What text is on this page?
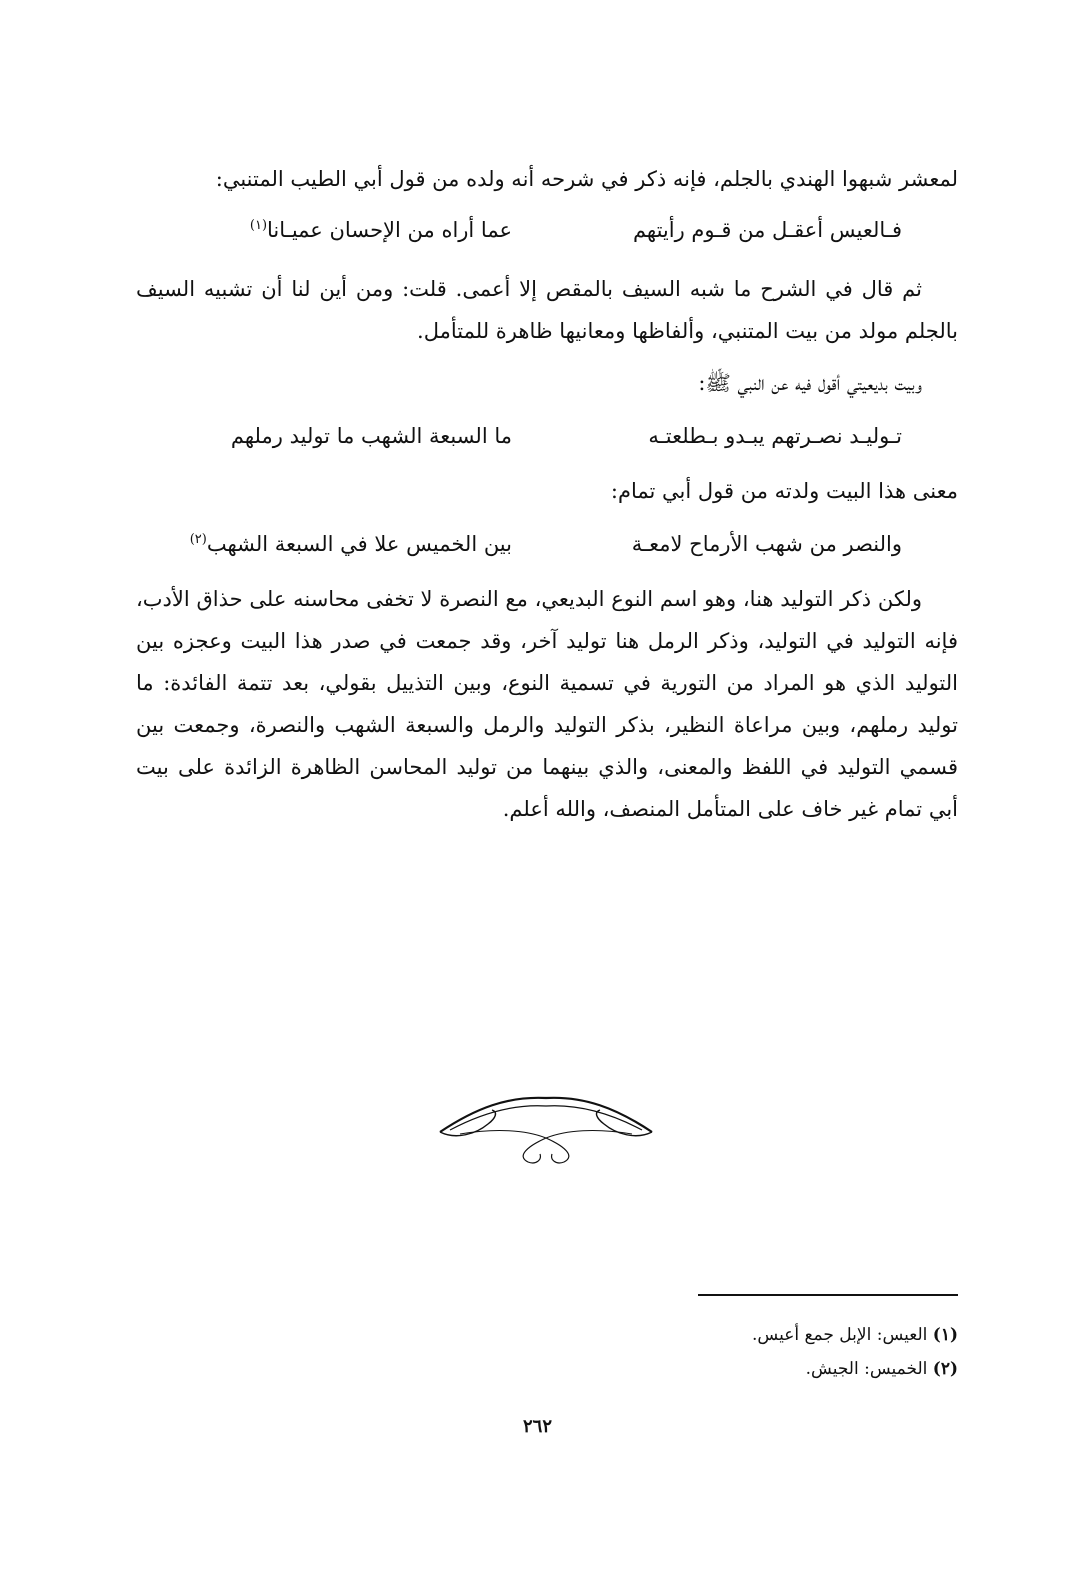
لمعشر شبهوا الهندي بالجلم، فإنه ذكر في شرحه أنه ولده من قول أبي الطيب المتنبي:

فـالعيس أعقـل من قـوم رأيتهم
عما أراه من الإحسان عميـانا$^{(١)}$

ثم قال في الشرح ما شبه السيف بالمقص إلا أعمى. قلت: ومن أين لنا أن تشبيه السيف بالجلم مولد من بيت المتنبي، وألفاظها ومعانيها ظاهرة للمتأمل.

وبيت بديعيتي أقول فيه عن النبي ﷺ:

تـوليـد نصـرتهم يبـدو بـطلعتـه
ما السبعة الشهب ما توليد رملهم

معنى هذا البيت ولدته من قول أبي تمام:

والنصر من شهب الأرماح لامعـة
بين الخميس علا في السبعة الشهب$^{(٢)}$

ولكن ذكر التوليد هنا، وهو اسم النوع البديعي، مع النصرة لا تخفى محاسنه على حذاق الأدب، فإنه التوليد في التوليد، وذكر الرمل هنا توليد آخر، وقد جمعت في صدر هذا البيت وعجزه بين التوليد الذي هو المراد من التورية في تسمية النوع، وبين التذييل بقولي، بعد تتمة الفائدة: ما توليد رملهم، وبين مراعاة النظير، بذكر التوليد والرمل والسبعة الشهب والنصرة، وجمعت بين قسمي التوليد في اللفظ والمعنى، والذي بينهما من توليد المحاسن الظاهرة الزائدة على بيت أبي تمام غير خاف على المتأمل المنصف، والله أعلم.

(١) العيس: الإبل جمع أعيس.
(٢) الخميس: الجيش.
٢٦٢
